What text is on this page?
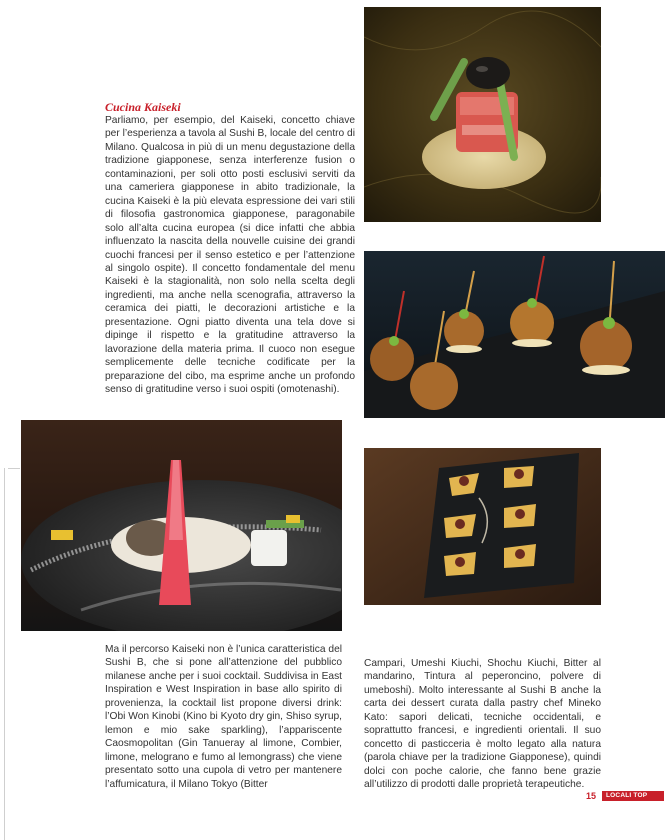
Cucina Kaiseki
Parliamo, per esempio, del Kaiseki, concetto chiave per l’esperienza a tavola al Sushi B, locale del centro di Milano. Qualcosa in più di un menu degustazione della tradizione giapponese, senza interferenze fusion o contaminazioni, per soli otto posti esclusivi serviti da una cameriera giapponese in abito tradizionale, la cucina Kaiseki è la più elevata espressione dei vari stili di filosofia gastronomica giapponese, paragonabile solo all’alta cucina europea (si dice infatti che abbia influenzato la nascita della nouvelle cuisine dei grandi cuochi francesi per il senso estetico e per l’attenzione al singolo ospite). Il concetto fondamentale del menu Kaiseki è la stagionalità, non solo nella scelta degli ingredienti, ma anche nella scenografia, attraverso la ceramica dei piatti, le decorazioni artistiche e la presentazione. Ogni piatto diventa una tela dove si dipinge il rispetto e la gratitudine attraverso la lavorazione della materia prima. Il cuoco non esegue semplicemente delle tecniche codificate per la preparazione del cibo, ma esprime anche un profondo senso di gratitudine verso i suoi ospiti (omotenashi).
Ma il percorso Kaiseki non è l’unica caratteristica del Sushi B, che si pone all’attenzione del pubblico milanese anche per i suoi cocktail. Suddivisa in East Inspiration e West Inspiration in base allo spirito di provenienza, la cocktail list propone diversi drink: l’Obi Won Kinobi (Kino bi Kyoto dry gin, Shiso syrup, lemon e mio sake sparkling), l’appariscente Caosmopolitan (Gin Tanueray al limone, Combier, limone, melograno e fumo al lemongrass) che viene presentato sotto una cupola di vetro per mantenere l’affumicatura, il Milano Tokyo (Bitter
Campari, Umeshi Kiuchi, Shochu Kiuchi, Bitter al mandarino, Tintura al peperoncino, polvere di umeboshi). Molto interessante al Sushi B anche la carta dei dessert curata dalla pastry chef Mineko Kato: sapori delicati, tecniche occidentali, e soprattutto francesi, e ingredienti orientali. Il suo concetto di pasticceria è molto legato alla natura (parola chiave per la tradizione Giapponese), quindi dolci con poche calorie, che fanno bene grazie all’utilizzo di prodotti dalle proprietà terapeutiche.
15	LOCALI TOP
